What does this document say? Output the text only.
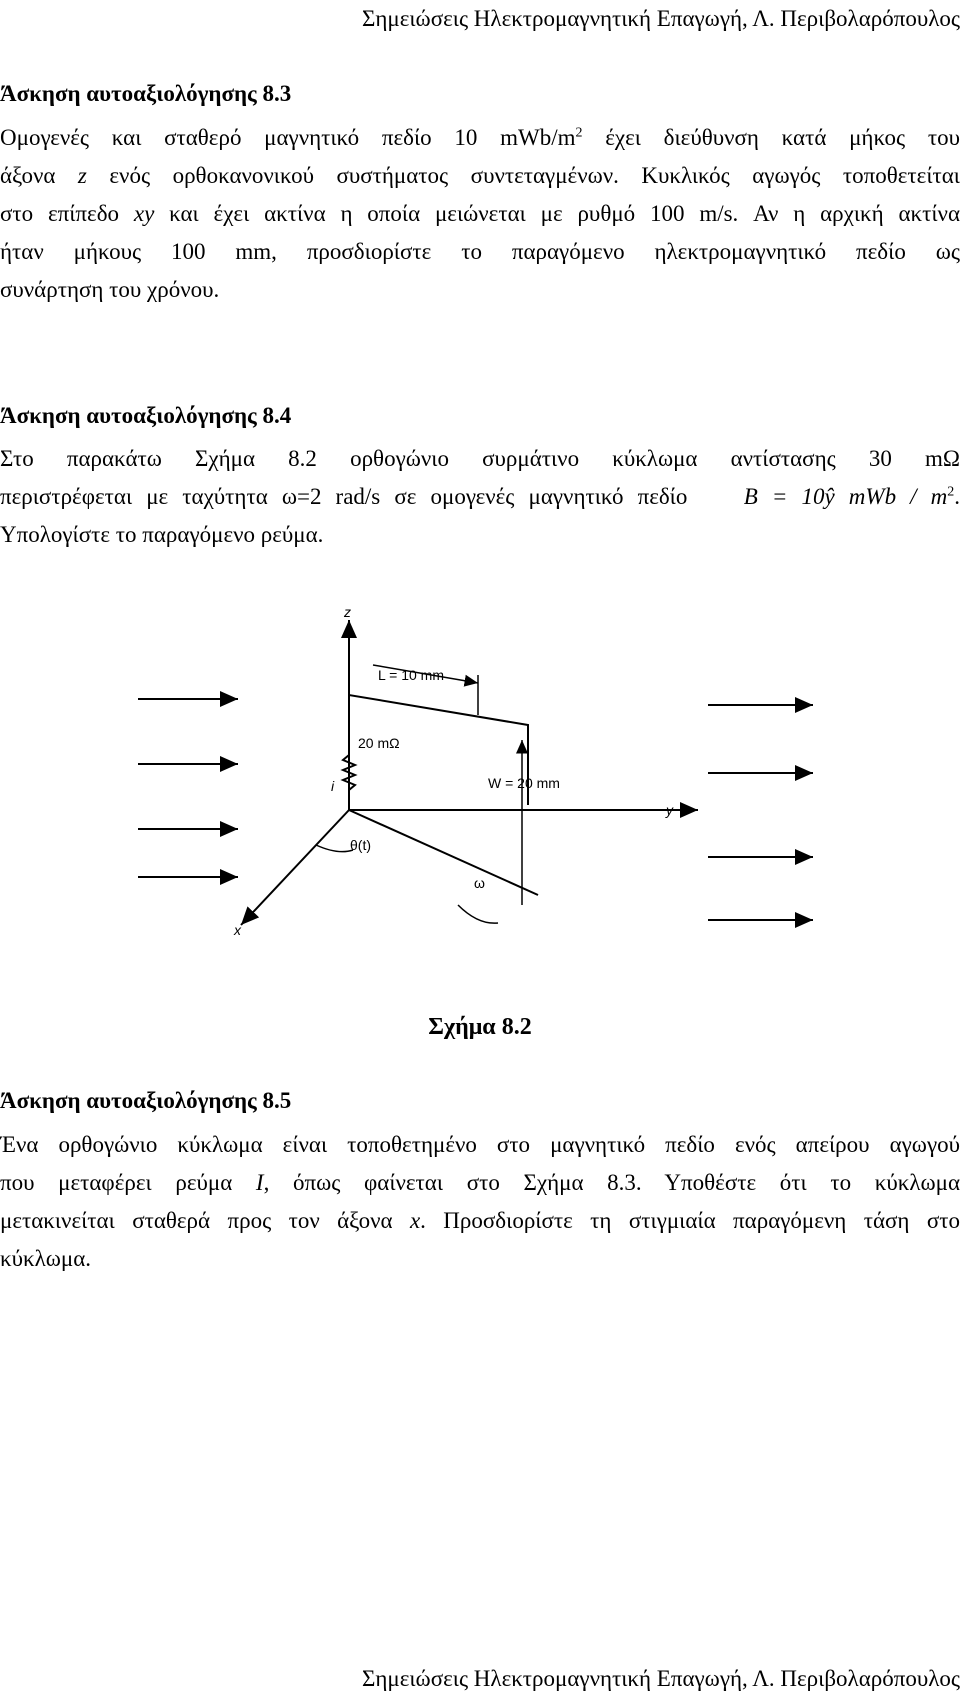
Σημειώσεις Ηλεκτρομαγνητική Επαγωγή, Λ. Περιβολαρόπουλος
Άσκηση αυτοαξιολόγησης 8.3
Ομογενές και σταθερό μαγνητικό πεδίο 10 mWb/$m^2$ έχει διεύθυνση κατά μήκος του
άξονα z ενός ορθοκανονικού συστήματος συντεταγμένων. Κυκλικός αγωγός τοποθετείται
στο επίπεδο xy και έχει ακτίνα η οποία μειώνεται με ρυθμό 100 m/s. Αν η αρχική ακτίνα
ήταν μήκους 100 mm, προσδιορίστε το παραγόμενο ηλεκτρομαγνητικό πεδίο ως
συνάρτηση του χρόνου.
Άσκηση αυτοαξιολόγησης 8.4
Στο παρακάτω Σχήμα 8.2 ορθογώνιο συρμάτινο κύκλωμα αντίστασης 30 mΩ
περιστρέφεται με ταχύτητα ω=2 rad/s σε ομογενές μαγνητικό πεδίο B = 10ŷ mWb / $m^2$.
Υπολογίστε το παραγόμενο ρεύμα.
z
y
x
i
L = 10 mm
W = 20 mm
20 mΩ
θ(t)
ω
Σχήμα 8.2
Άσκηση αυτοαξιολόγησης 8.5
Ένα ορθογώνιο κύκλωμα είναι τοποθετημένο στο μαγνητικό πεδίο ενός απείρου αγωγού
που μεταφέρει ρεύμα I, όπως φαίνεται στο Σχήμα 8.3. Υποθέστε ότι το κύκλωμα
μετακινείται σταθερά προς τον άξονα x. Προσδιορίστε τη στιγμιαία παραγόμενη τάση στο
κύκλωμα.
Σημειώσεις Ηλεκτρομαγνητική Επαγωγή, Λ. Περιβολαρόπουλος
